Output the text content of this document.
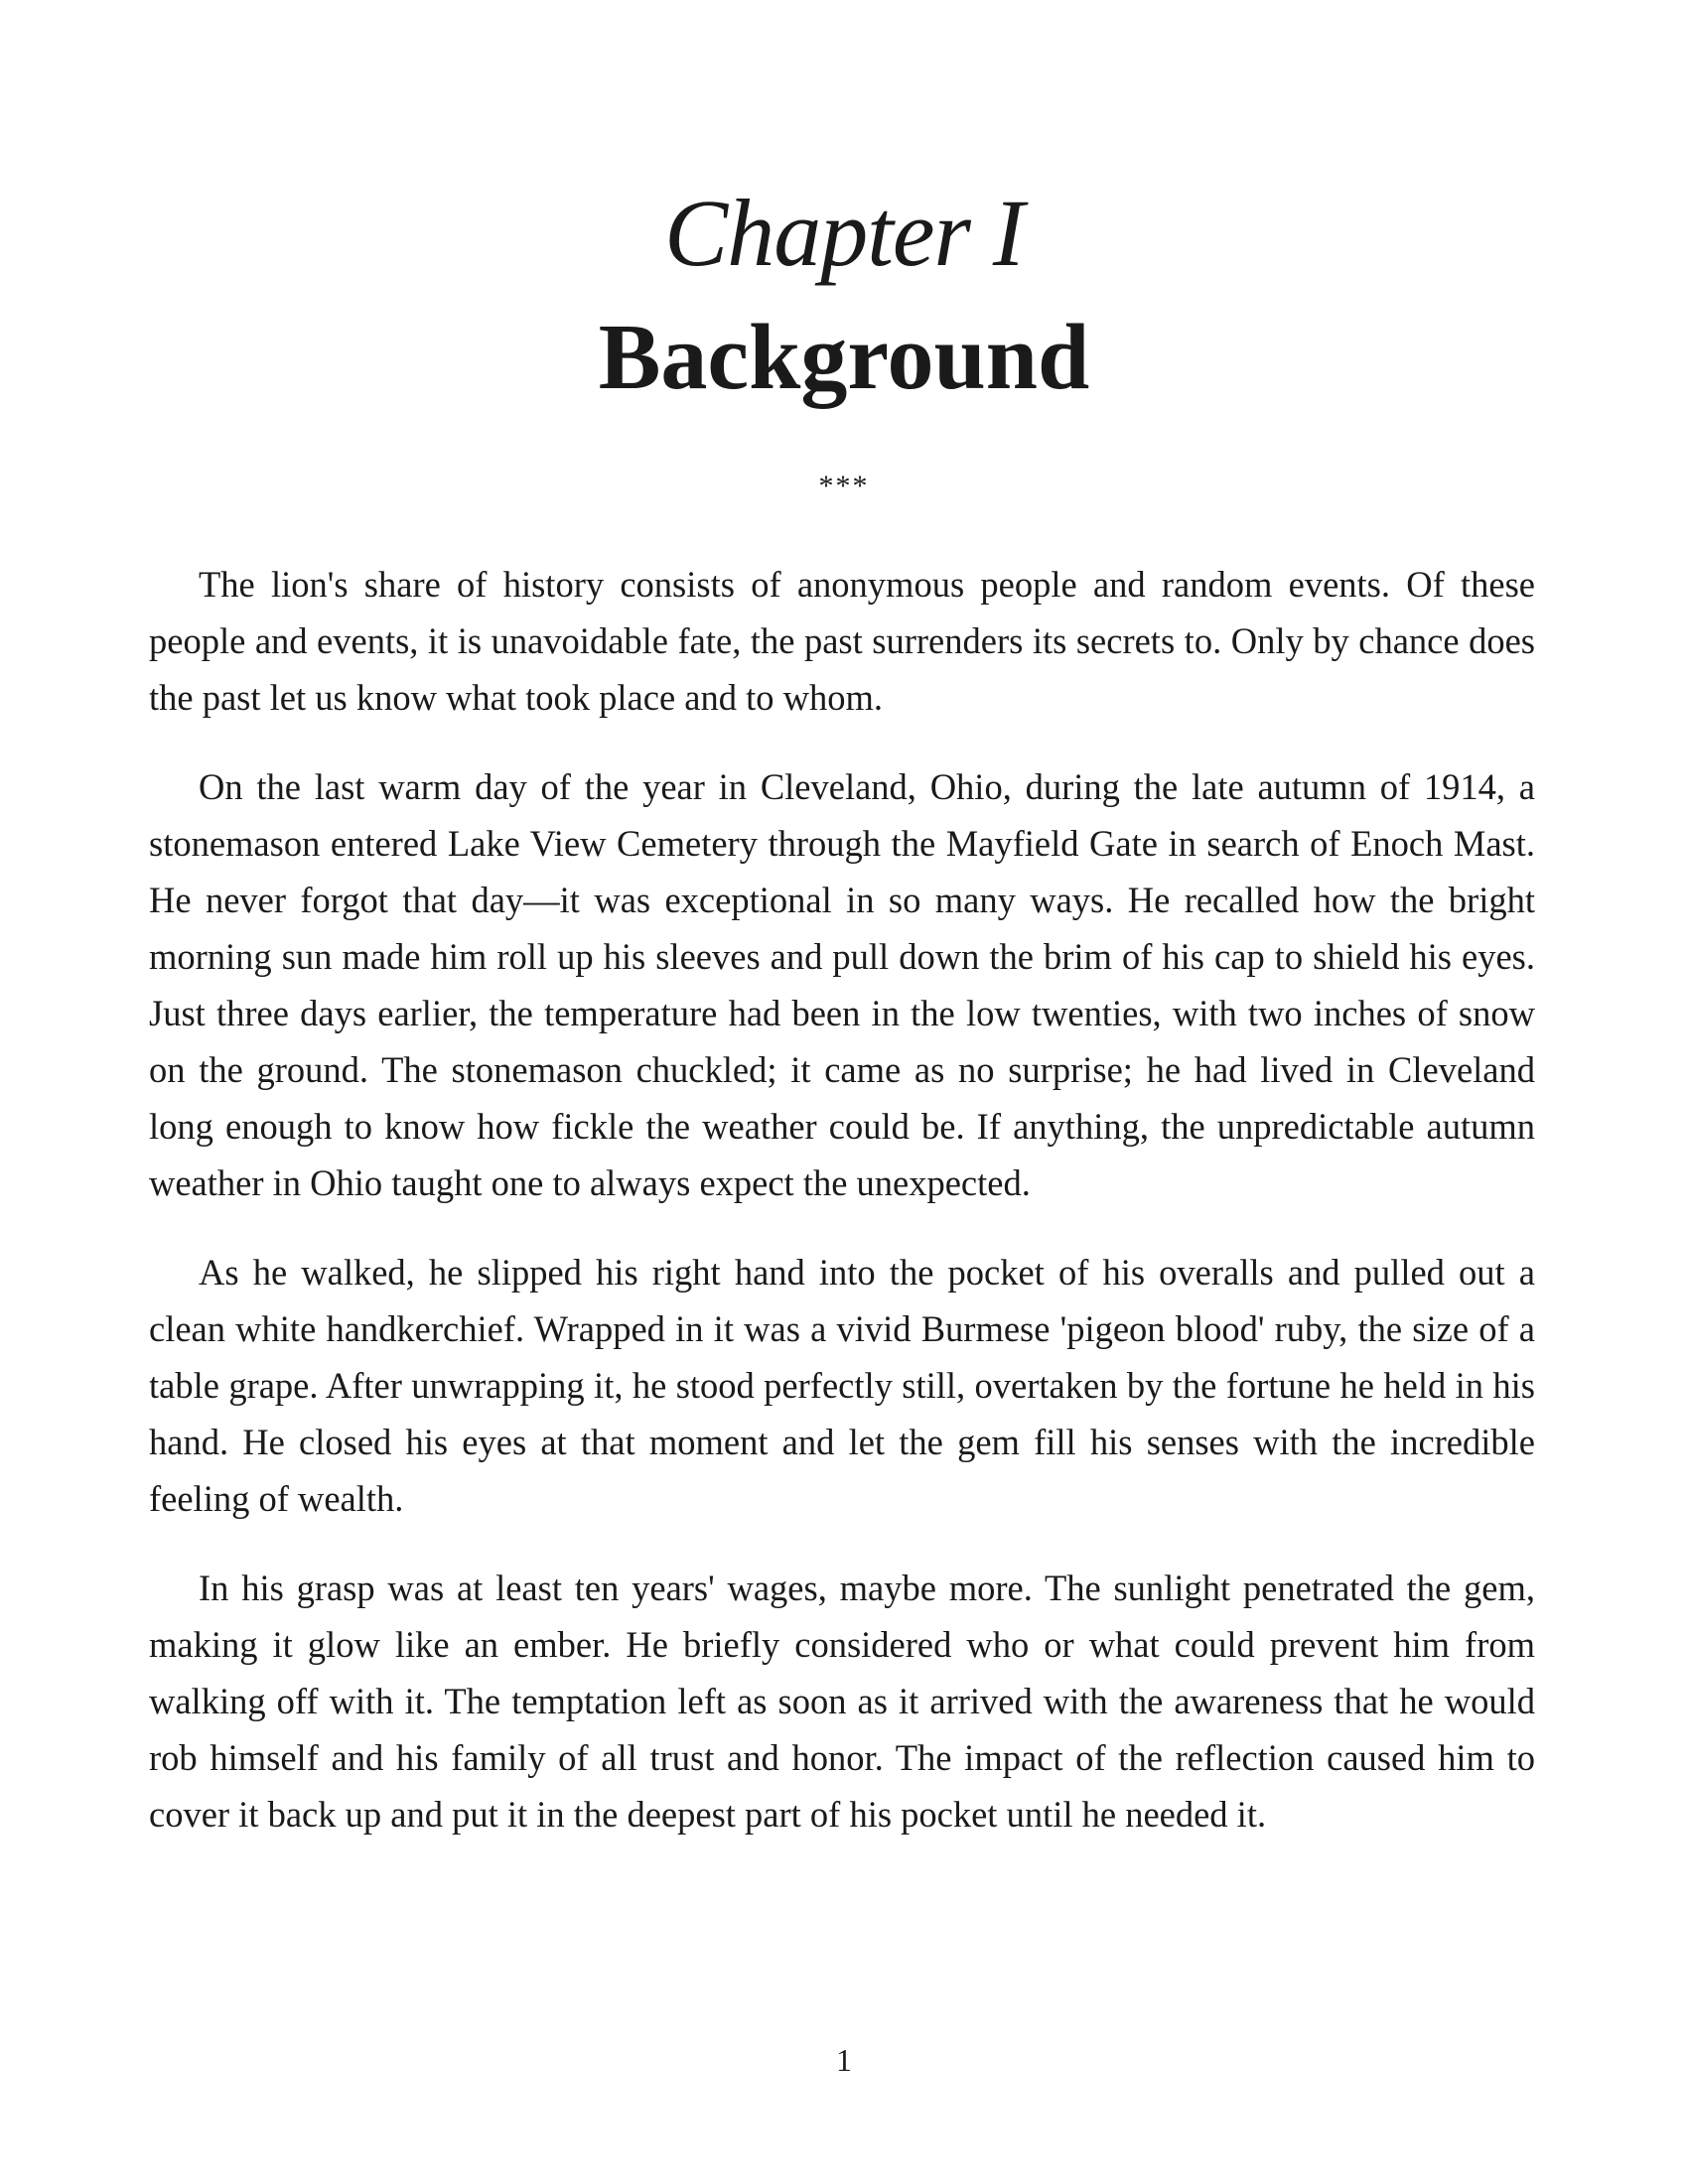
Chapter I
Background
***

The lion's share of history consists of anonymous people and random events. Of these people and events, it is unavoidable fate, the past surrenders its secrets to. Only by chance does the past let us know what took place and to whom.

On the last warm day of the year in Cleveland, Ohio, during the late autumn of 1914, a stonemason entered Lake View Cemetery through the Mayfield Gate in search of Enoch Mast. He never forgot that day—it was exceptional in so many ways. He recalled how the bright morning sun made him roll up his sleeves and pull down the brim of his cap to shield his eyes. Just three days earlier, the temperature had been in the low twenties, with two inches of snow on the ground. The stonemason chuckled; it came as no surprise; he had lived in Cleveland long enough to know how fickle the weather could be. If anything, the unpredictable autumn weather in Ohio taught one to always expect the unexpected.

As he walked, he slipped his right hand into the pocket of his overalls and pulled out a clean white handkerchief. Wrapped in it was a vivid Burmese 'pigeon blood' ruby, the size of a table grape. After unwrapping it, he stood perfectly still, overtaken by the fortune he held in his hand. He closed his eyes at that moment and let the gem fill his senses with the incredible feeling of wealth.

In his grasp was at least ten years' wages, maybe more. The sunlight penetrated the gem, making it glow like an ember. He briefly considered who or what could prevent him from walking off with it. The temptation left as soon as it arrived with the awareness that he would rob himself and his family of all trust and honor. The impact of the reflection caused him to cover it back up and put it in the deepest part of his pocket until he needed it.

1
